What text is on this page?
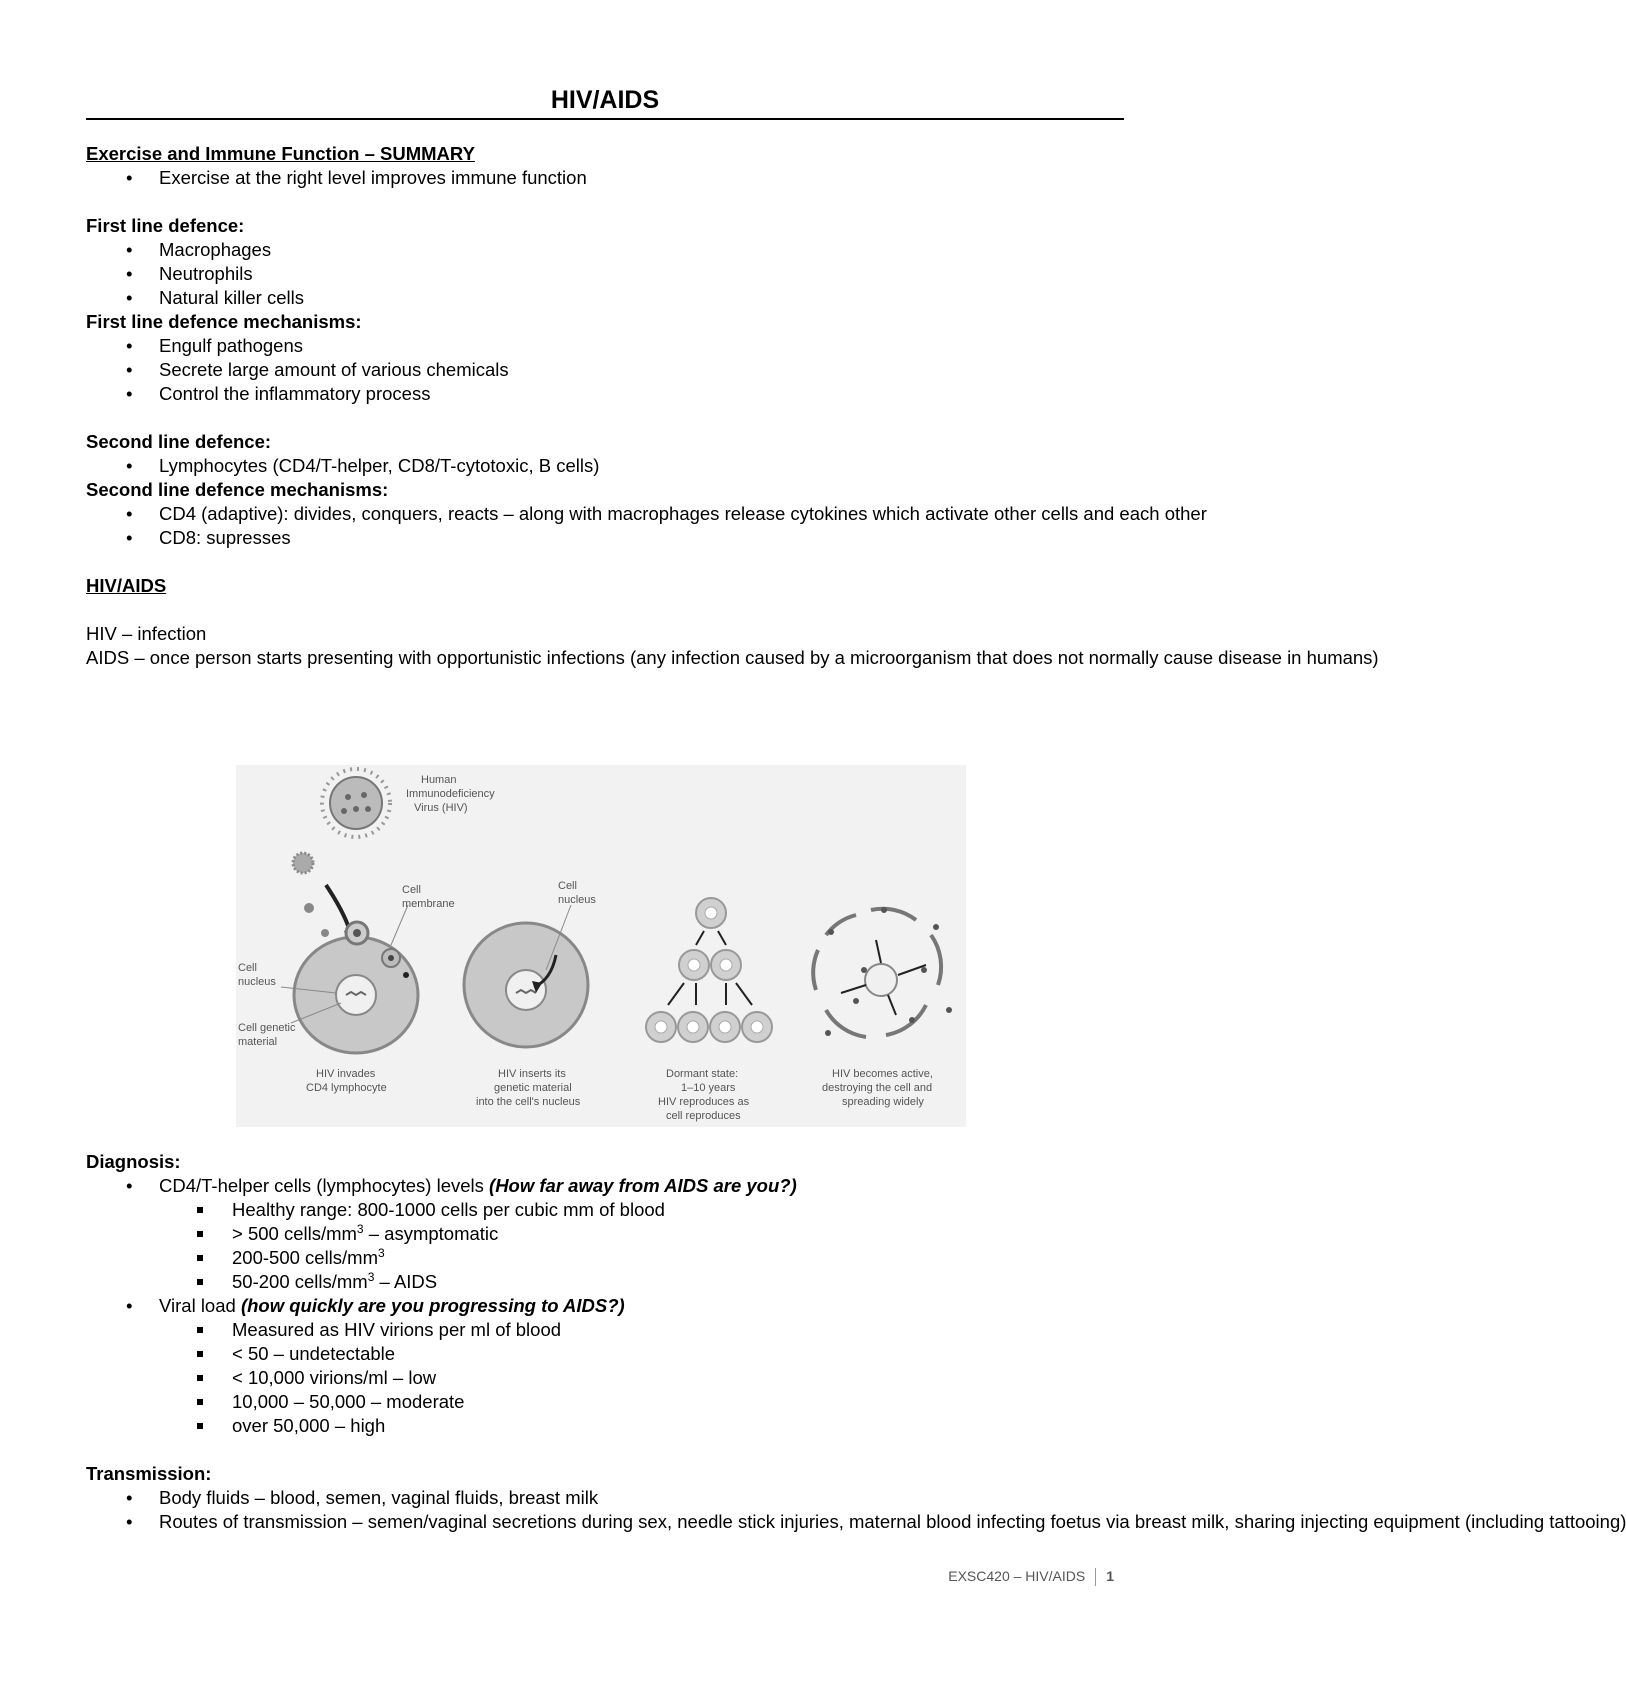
HIV/AIDS
Exercise and Immune Function – SUMMARY
• Exercise at the right level improves immune function
First line defence:
• Macrophages
• Neutrophils
• Natural killer cells
First line defence mechanisms:
• Engulf pathogens
• Secrete large amount of various chemicals
• Control the inflammatory process
Second line defence:
• Lymphocytes (CD4/T-helper, CD8/T-cytotoxic, B cells)
Second line defence mechanisms:
• CD4 (adaptive): divides, conquers, reacts – along with macrophages release cytokines which activate other cells and each other
• CD8: supresses
HIV/AIDS
HIV – infection
AIDS – once person starts presenting with opportunistic infections (any infection caused by a microorganism that does not normally cause disease in humans)
Human
Immunodeficiency
Virus (HIV)
Cell
membrane
Cell
nucleus
Cell genetic
material
HIV invades
CD4 lymphocyte
Cell
nucleus
HIV inserts its
genetic material
into the cell's nucleus
Dormant state:
1–10 years
HIV reproduces as
cell reproduces
HIV becomes active,
destroying the cell and
spreading widely
Diagnosis:
• CD4/T-helper cells (lymphocytes) levels (How far away from AIDS are you?)
Healthy range: 800-1000 cells per cubic mm of blood
> 500 cells/$mm^3$ – asymptomatic
200-500 cells/$mm^3$
50-200 cells/$mm^3$ – AIDS
• Viral load (how quickly are you progressing to AIDS?)
Measured as HIV virions per ml of blood
< 50 – undetectable
< 10,000 virions/ml – low
10,000 – 50,000 – moderate
over 50,000 – high
Transmission:
• Body fluids – blood, semen, vaginal fluids, breast milk
• Routes of transmission – semen/vaginal secretions during sex, needle stick injuries, maternal blood infecting foetus via breast milk, sharing injecting equipment (including tattooing)
EXSC420 – HIV/AIDS 1
